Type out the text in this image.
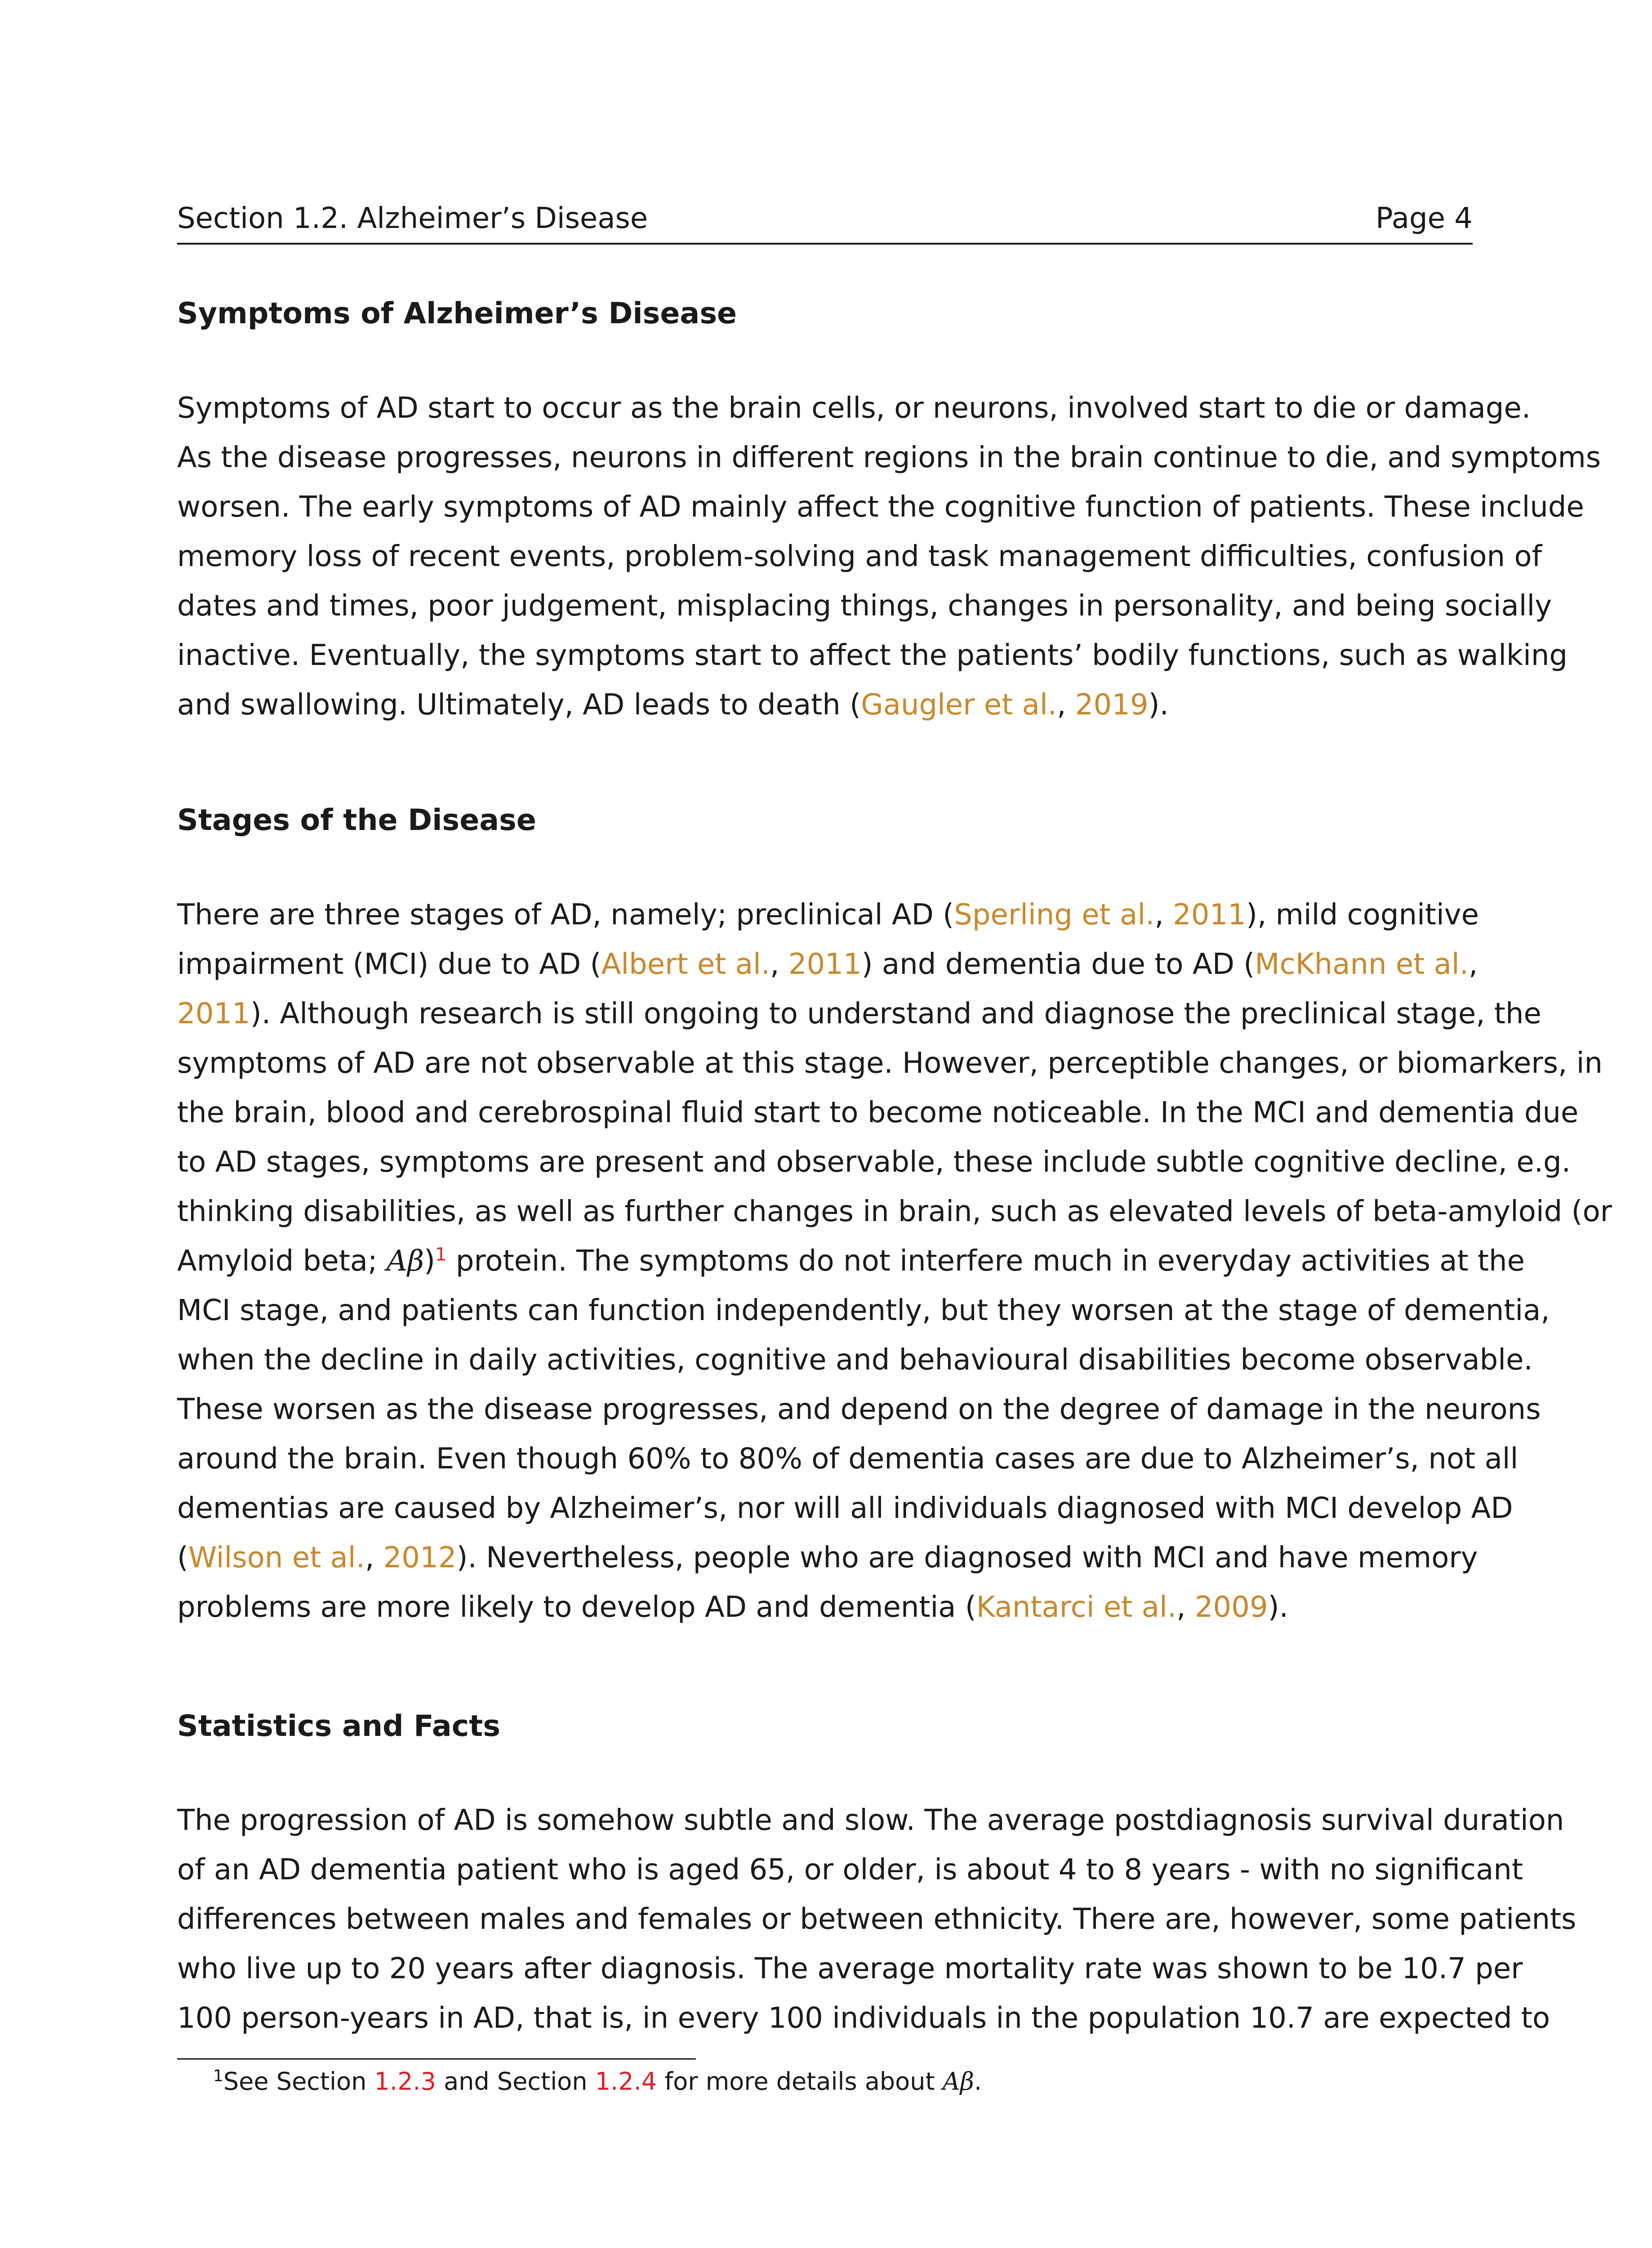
Section 1.2. Alzheimer’s Disease	Page 4
Symptoms of Alzheimer’s Disease
Symptoms of AD start to occur as the brain cells, or neurons, involved start to die or damage.
As the disease progresses, neurons in different regions in the brain continue to die, and symptoms
worsen. The early symptoms of AD mainly affect the cognitive function of patients. These include
memory loss of recent events, problem-solving and task management difficulties, confusion of
dates and times, poor judgement, misplacing things, changes in personality, and being socially
inactive. Eventually, the symptoms start to affect the patients’ bodily functions, such as walking
and swallowing. Ultimately, AD leads to death (Gaugler et al., 2019).
Stages of the Disease
There are three stages of AD, namely; preclinical AD (Sperling et al., 2011), mild cognitive
impairment (MCI) due to AD (Albert et al., 2011) and dementia due to AD (McKhann et al.,
2011). Although research is still ongoing to understand and diagnose the preclinical stage, the
symptoms of AD are not observable at this stage. However, perceptible changes, or biomarkers, in
the brain, blood and cerebrospinal fluid start to become noticeable. In the MCI and dementia due
to AD stages, symptoms are present and observable, these include subtle cognitive decline, e.g.
thinking disabilities, as well as further changes in brain, such as elevated levels of beta-amyloid (or
Amyloid beta; Aβ)$^1$ protein. The symptoms do not interfere much in everyday activities at the
MCI stage, and patients can function independently, but they worsen at the stage of dementia,
when the decline in daily activities, cognitive and behavioural disabilities become observable.
These worsen as the disease progresses, and depend on the degree of damage in the neurons
around the brain. Even though 60% to 80% of dementia cases are due to Alzheimer’s, not all
dementias are caused by Alzheimer’s, nor will all individuals diagnosed with MCI develop AD
(Wilson et al., 2012). Nevertheless, people who are diagnosed with MCI and have memory
problems are more likely to develop AD and dementia (Kantarci et al., 2009).
Statistics and Facts
The progression of AD is somehow subtle and slow. The average postdiagnosis survival duration
of an AD dementia patient who is aged 65, or older, is about 4 to 8 years - with no significant
differences between males and females or between ethnicity. There are, however, some patients
who live up to 20 years after diagnosis. The average mortality rate was shown to be 10.7 per
100 person-years in AD, that is, in every 100 individuals in the population 10.7 are expected to

$^1$See Section 1.2.3 and Section 1.2.4 for more details about Aβ.
